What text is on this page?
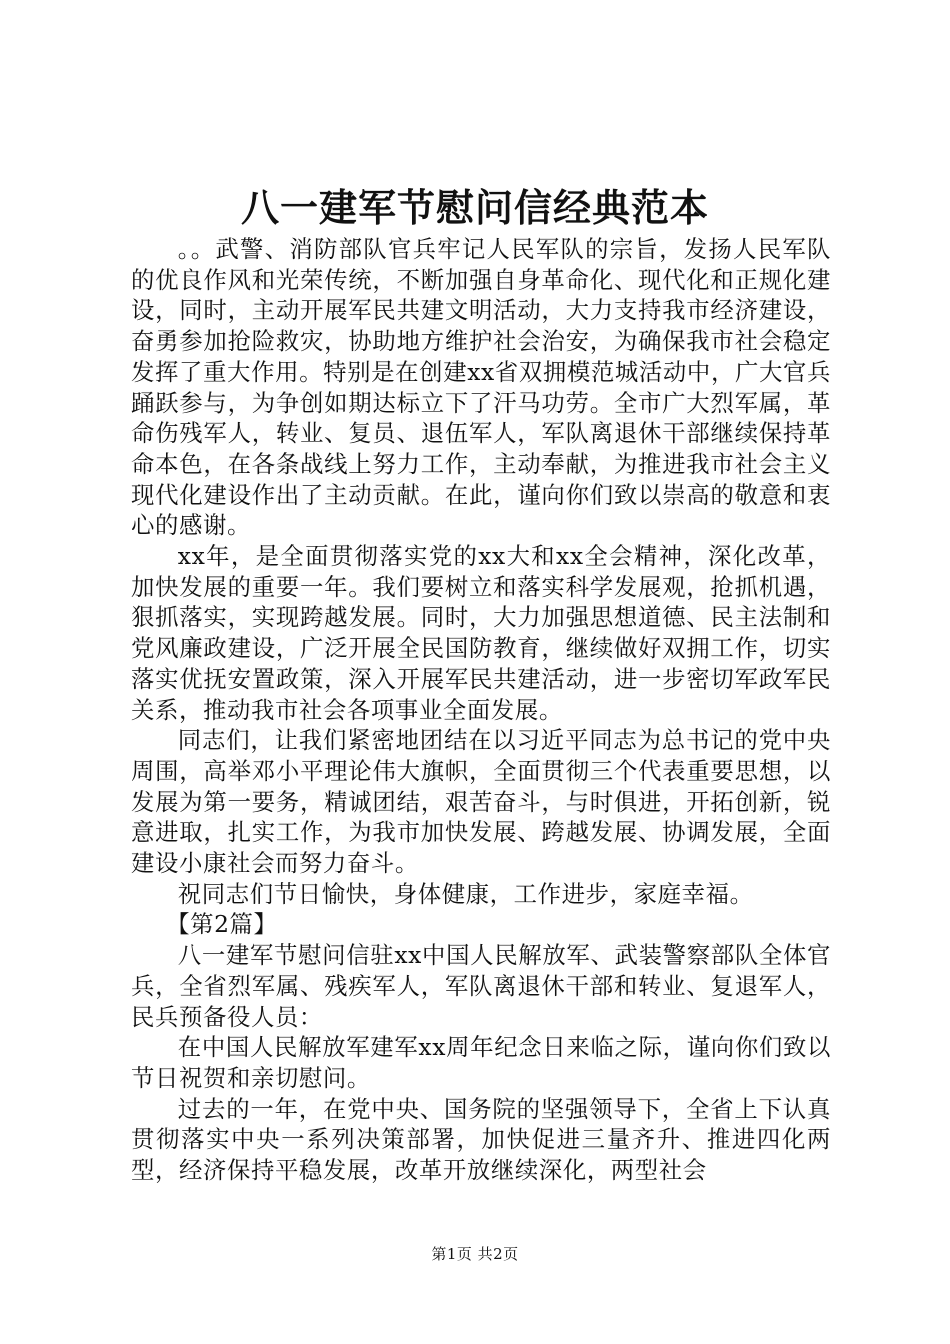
八一建军节慰问信经典范本

。。武警、消防部队官兵牢记人民军队的宗旨，发扬人民军队的优良作风和光荣传统，不断加强自身革命化、现代化和正规化建设，同时，主动开展军民共建文明活动，大力支持我市经济建设，奋勇参加抢险救灾，协助地方维护社会治安，为确保我市社会稳定发挥了重大作用。特别是在创建xx省双拥模范城活动中，广大官兵踊跃参与，为争创如期达标立下了汗马功劳。全市广大烈军属，革命伤残军人，转业、复员、退伍军人，军队离退休干部继续保持革命本色，在各条战线上努力工作，主动奉献，为推进我市社会主义现代化建设作出了主动贡献。在此，谨向你们致以崇高的敬意和衷心的感谢。

xx年，是全面贯彻落实党的xx大和xx全会精神，深化改革，加快发展的重要一年。我们要树立和落实科学发展观，抢抓机遇，狠抓落实，实现跨越发展。同时，大力加强思想道德、民主法制和党风廉政建设，广泛开展全民国防教育，继续做好双拥工作，切实落实优抚安置政策，深入开展军民共建活动，进一步密切军政军民关系，推动我市社会各项事业全面发展。

同志们，让我们紧密地团结在以习近平同志为总书记的党中央周围，高举邓小平理论伟大旗帜，全面贯彻三个代表重要思想，以发展为第一要务，精诚团结，艰苦奋斗，与时俱进，开拓创新，锐意进取，扎实工作，为我市加快发展、跨越发展、协调发展，全面建设小康社会而努力奋斗。

祝同志们节日愉快，身体健康，工作进步，家庭幸福。

【第2篇】

八一建军节慰问信驻xx中国人民解放军、武装警察部队全体官兵，全省烈军属、残疾军人，军队离退休干部和转业、复退军人，民兵预备役人员：

在中国人民解放军建军xx周年纪念日来临之际，谨向你们致以节日祝贺和亲切慰问。

过去的一年，在党中央、国务院的坚强领导下，全省上下认真贯彻落实中央一系列决策部署，加快促进三量齐升、推进四化两型，经济保持平稳发展，改革开放继续深化，两型社会

第1页 共2页
